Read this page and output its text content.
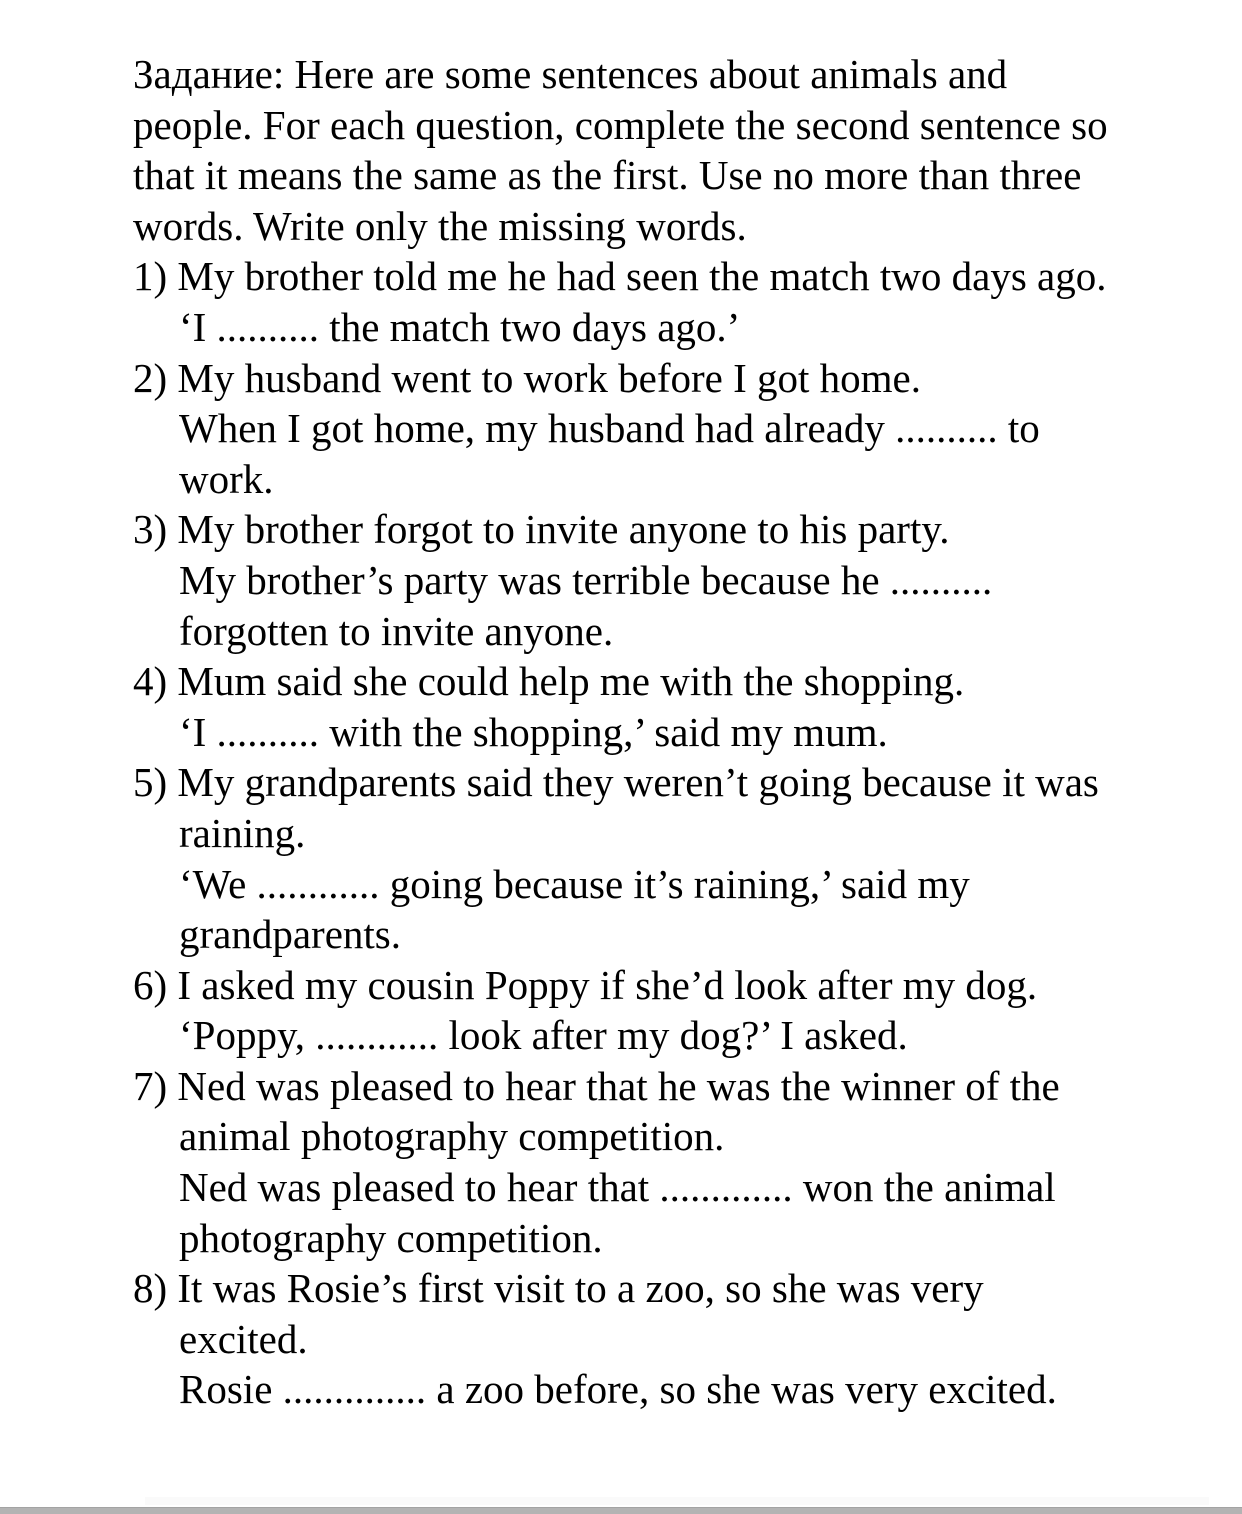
Задание: Here are some sentences about animals and
people. For each question, complete the second sentence so
that it means the same as the first. Use no more than three
words. Write only the missing words.
1) My brother told me he had seen the match two days ago.
‘I .......... the match two days ago.’
2) My husband went to work before I got home.
When I got home, my husband had already .......... to
work.
3) My brother forgot to invite anyone to his party.
My brother’s party was terrible because he ..........
forgotten to invite anyone.
4) Mum said she could help me with the shopping.
‘I .......... with the shopping,’ said my mum.
5) My grandparents said they weren’t going because it was
raining.
‘We ............ going because it’s raining,’ said my
grandparents.
6) I asked my cousin Poppy if she’d look after my dog.
‘Poppy, ............ look after my dog?’ I asked.
7) Ned was pleased to hear that he was the winner of the
animal photography competition.
Ned was pleased to hear that ............. won the animal
photography competition.
8) It was Rosie’s first visit to a zoo, so she was very
excited.
Rosie .............. a zoo before, so she was very excited.
